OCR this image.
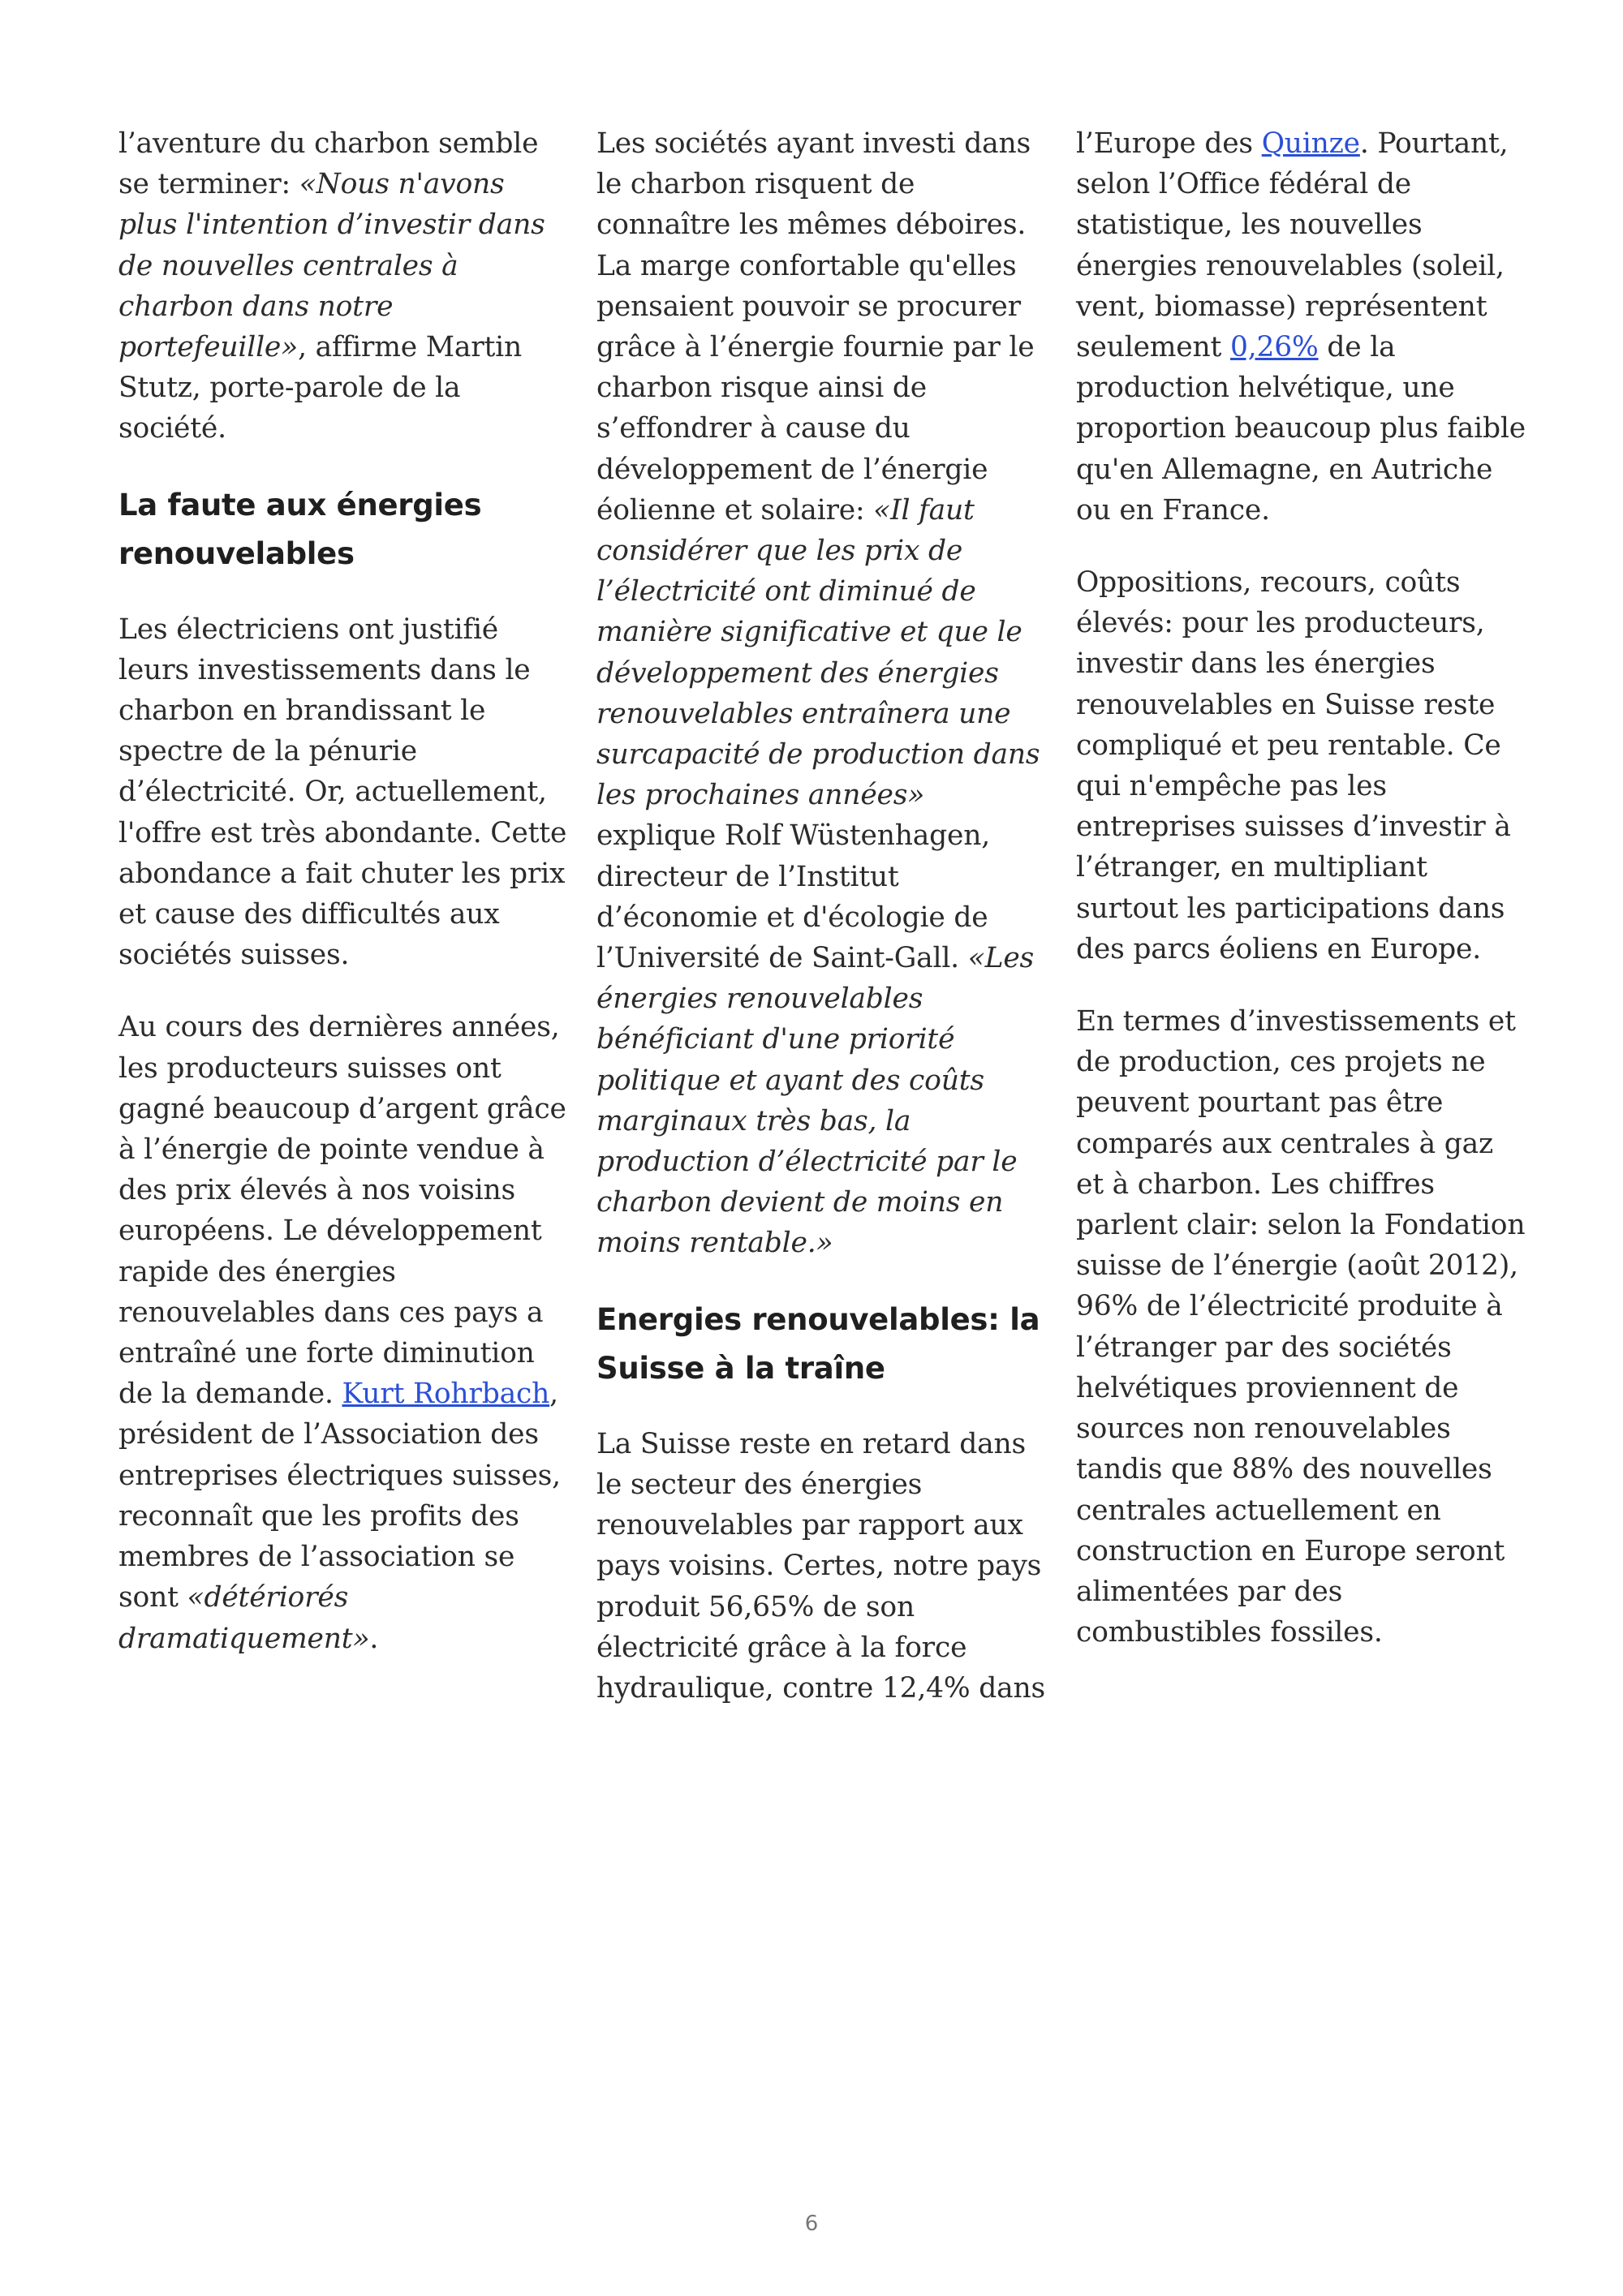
l’aventure du charbon semble se terminer: «Nous n'avons plus l'intention d’investir dans de nouvelles centrales à charbon dans notre portefeuille», affirme Martin Stutz, porte-parole de la société.

La faute aux énergies renouvelables

Les électriciens ont justifié leurs investissements dans le charbon en brandissant le spectre de la pénurie d’électricité. Or, actuellement, l'offre est très abondante. Cette abondance a fait chuter les prix et cause des difficultés aux sociétés suisses.

Au cours des dernières années, les producteurs suisses ont gagné beaucoup d’argent grâce à l’énergie de pointe vendue à des prix élevés à nos voisins européens. Le développement rapide des énergies renouvelables dans ces pays a entraîné une forte diminution de la demande. Kurt Rohrbach, président de l’Association des entreprises électriques suisses, reconnaît que les profits des membres de l’association se sont «détériorés dramatiquement».

Les sociétés ayant investi dans le charbon risquent de connaître les mêmes déboires. La marge confortable qu'elles pensaient pouvoir se procurer grâce à l’énergie fournie par le charbon risque ainsi de s’effondrer à cause du développement de l’énergie éolienne et solaire: «Il faut considérer que les prix de l’électricité ont diminué de manière significative et que le développement des énergies renouvelables entraînera une surcapacité de production dans les prochaines années» explique Rolf Wüstenhagen, directeur de l’Institut d’économie et d'écologie de l’Université de Saint-Gall. «Les énergies renouvelables bénéficiant d'une priorité politique et ayant des coûts marginaux très bas, la production d’électricité par le charbon devient de moins en moins rentable.»

Energies renouvelables: la Suisse à la traîne

La Suisse reste en retard dans le secteur des énergies renouvelables par rapport aux pays voisins. Certes, notre pays produit 56,65% de son électricité grâce à la force hydraulique, contre 12,4% dans

l’Europe des Quinze. Pourtant, selon l’Office fédéral de statistique, les nouvelles énergies renouvelables (soleil, vent, biomasse) représentent seulement 0,26% de la production helvétique, une proportion beaucoup plus faible qu'en Allemagne, en Autriche ou en France.

Oppositions, recours, coûts élevés: pour les producteurs, investir dans les énergies renouvelables en Suisse reste compliqué et peu rentable. Ce qui n'empêche pas les entreprises suisses d’investir à l’étranger, en multipliant surtout les participations dans des parcs éoliens en Europe.

En termes d’investissements et de production, ces projets ne peuvent pourtant pas être comparés aux centrales à gaz et à charbon. Les chiffres parlent clair: selon la Fondation suisse de l’énergie (août 2012), 96% de l’électricité produite à l’étranger par des sociétés helvétiques proviennent de sources non renouvelables tandis que 88% des nouvelles centrales actuellement en construction en Europe seront alimentées par des combustibles fossiles.

6
